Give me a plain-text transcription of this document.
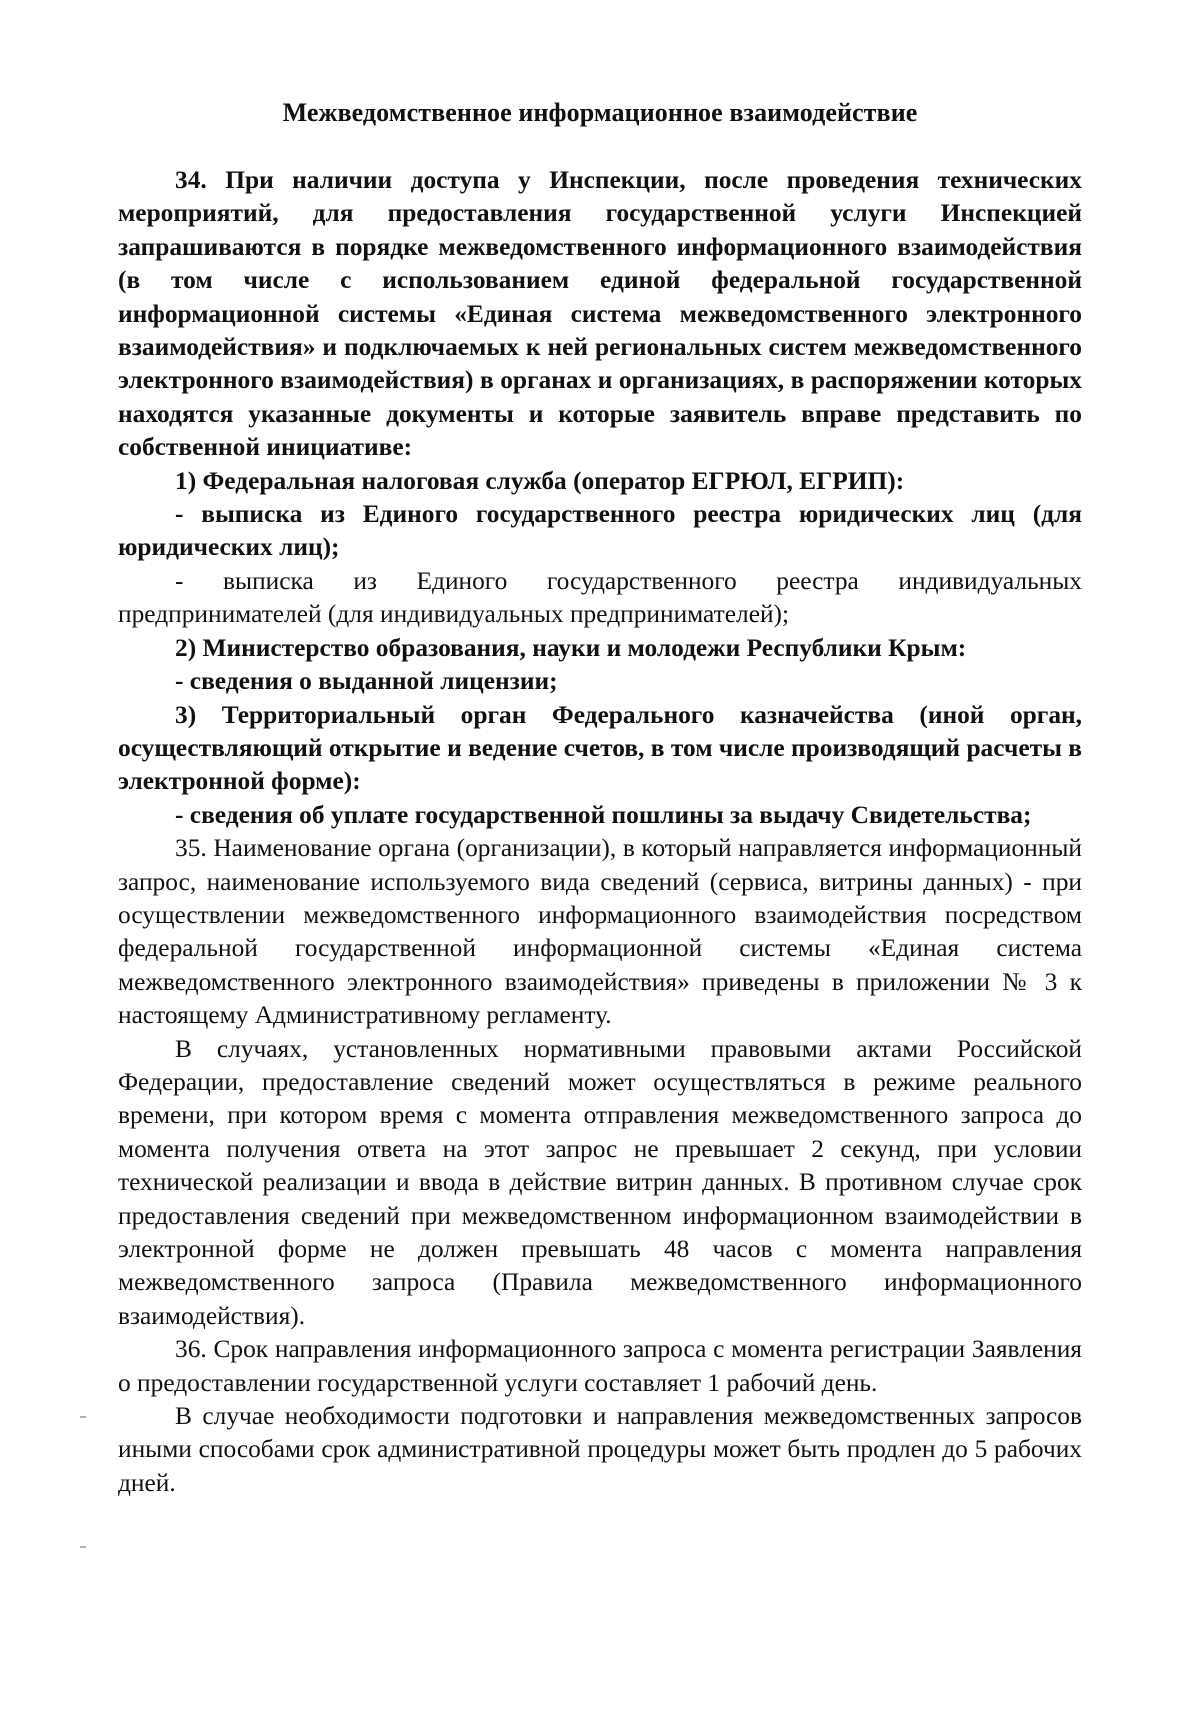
Межведомственное информационное взаимодействие

34. При наличии доступа у Инспекции, после проведения технических мероприятий, для предоставления государственной услуги Инспекцией запрашиваются в порядке межведомственного информационного взаимодействия (в том числе с использованием единой федеральной государственной информационной системы «Единая система межведомственного электронного взаимодействия» и подключаемых к ней региональных систем межведомственного электронного взаимодействия) в органах и организациях, в распоряжении которых находятся указанные документы и которые заявитель вправе представить по собственной инициативе:

1) Федеральная налоговая служба (оператор ЕГРЮЛ, ЕГРИП):

- выписка из Единого государственного реестра юридических лиц (для юридических лиц);

- выписка из Единого государственного реестра индивидуальных предпринимателей (для индивидуальных предпринимателей);

2) Министерство образования, науки и молодежи Республики Крым:

- сведения о выданной лицензии;

3) Территориальный орган Федерального казначейства (иной орган, осуществляющий открытие и ведение счетов, в том числе производящий расчеты в электронной форме):

- сведения об уплате государственной пошлины за выдачу Свидетельства;

35. Наименование органа (организации), в который направляется информационный запрос, наименование используемого вида сведений (сервиса, витрины данных) - при осуществлении межведомственного информационного взаимодействия посредством федеральной государственной информационной системы «Единая система межведомственного электронного взаимодействия» приведены в приложении № 3 к настоящему Административному регламенту.

В случаях, установленных нормативными правовыми актами Российской Федерации, предоставление сведений может осуществляться в режиме реального времени, при котором время с момента отправления межведомственного запроса до момента получения ответа на этот запрос не превышает 2 секунд, при условии технической реализации и ввода в действие витрин данных. В противном случае срок предоставления сведений при межведомственном информационном взаимодействии в электронной форме не должен превышать 48 часов с момента направления межведомственного запроса (Правила межведомственного информационного взаимодействия).

36. Срок направления информационного запроса с момента регистрации Заявления о предоставлении государственной услуги составляет 1 рабочий день.

В случае необходимости подготовки и направления межведомственных запросов иными способами срок административной процедуры может быть продлен до 5 рабочих дней.
